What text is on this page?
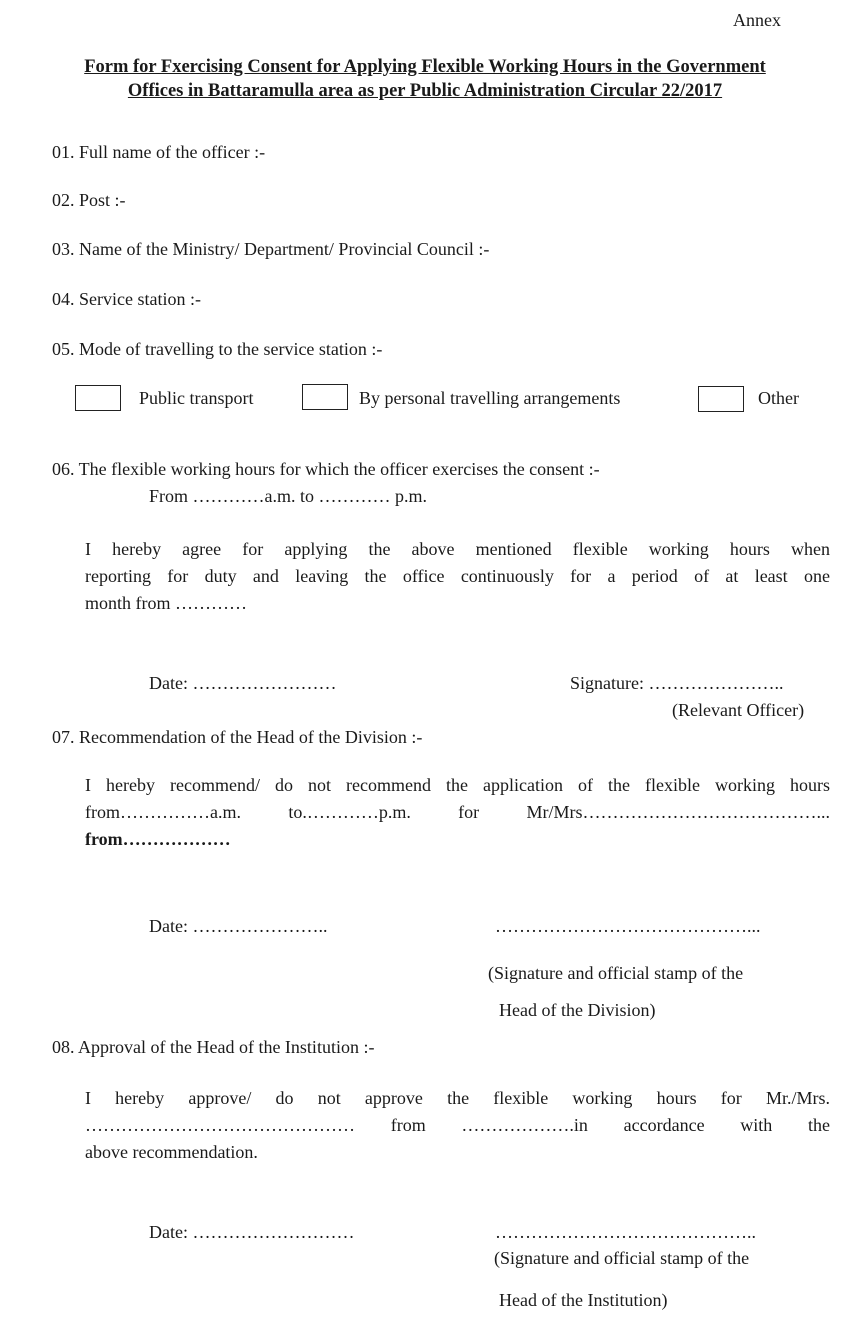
Annex
Form for Fxercising Consent for Applying Flexible Working Hours in the Government
Offices in Battaramulla area as per Public Administration Circular 22/2017
01. Full name of the officer :-
02. Post :-
03. Name of the Ministry/ Department/ Provincial Council :-
04. Service station :-
05. Mode of travelling to the service station :-
Public transport	By personal travelling arrangements	Other
06. The flexible working hours for which the officer exercises the consent :-
From …………a.m. to ………… p.m.
I hereby agree for applying the above mentioned flexible working hours when
reporting for duty and leaving the office continuously for a period of at least one
month from …………
Date: ……………………	Signature: …………………..
(Relevant Officer)
07. Recommendation of the Head of the Division :-
I hereby recommend/ do not recommend the application of the flexible working hours
from……………a.m. to.…………p.m. for Mr/Mrs…………………………………...
from………………
Date: …………………..	……………………………………...
(Signature and official stamp of the
Head of the Division)
08. Approval of the Head of the Institution :-
I hereby approve/ do not approve the flexible working hours for Mr./Mrs.
……………………………………… from ……………….in accordance with the
above recommendation.
Date: ………………………	……………………………………..
(Signature and official stamp of the
Head of the Institution)
